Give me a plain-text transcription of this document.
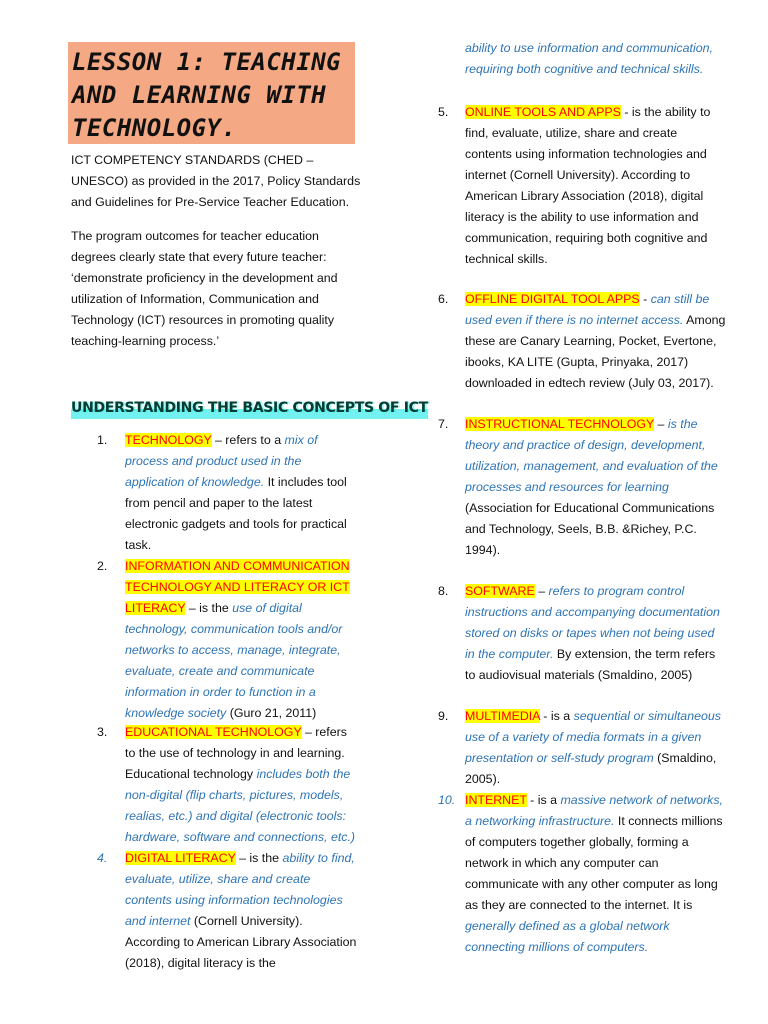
LESSON 1: TEACHING AND LEARNING WITH TECHNOLOGY.
ICT COMPETENCY STANDARDS (CHED – UNESCO) as provided in the 2017, Policy Standards and Guidelines for Pre-Service Teacher Education.
The program outcomes for teacher education degrees clearly state that every future teacher: ‘demonstrate proficiency in the development and utilization of Information, Communication and Technology (ICT) resources in promoting quality teaching-learning process.’
UNDERSTANDING THE BASIC CONCEPTS OF ICT
1.	TECHNOLOGY – refers to a mix of process and product used in the application of knowledge. It includes tool from pencil and paper to the latest electronic gadgets and tools for practical task.
2.	INFORMATION AND COMMUNICATION TECHNOLOGY AND LITERACY OR ICT LITERACY – is the use of digital technology, communication tools and/or networks to access, manage, integrate, evaluate, create and communicate information in order to function in a knowledge society (Guro 21, 2011)
3.	EDUCATIONAL TECHNOLOGY – refers to the use of technology in and learning. Educational technology includes both the non-digital (flip charts, pictures, models, realias, etc.) and digital (electronic tools: hardware, software and connections, etc.)
4.	DIGITAL LITERACY – is the ability to find, evaluate, utilize, share and create contents using information technologies and internet (Cornell University). According to American Library Association (2018), digital literacy is the
ability to use information and communication, requiring both cognitive and technical skills.
5.	ONLINE TOOLS AND APPS - is the ability to find, evaluate, utilize, share and create contents using information technologies and internet (Cornell University). According to American Library Association (2018), digital literacy is the ability to use information and communication, requiring both cognitive and technical skills.
6.	OFFLINE DIGITAL TOOL APPS - can still be used even if there is no internet access. Among these are Canary Learning, Pocket, Evertone, ibooks, KA LITE (Gupta, Prinyaka, 2017) downloaded in edtech review (July 03, 2017).
7.	INSTRUCTIONAL TECHNOLOGY – is the theory and practice of design, development, utilization, management, and evaluation of the processes and resources for learning (Association for Educational Communications and Technology, Seels, B.B. &Richey, P.C. 1994).
8.	SOFTWARE – refers to program control instructions and accompanying documentation stored on disks or tapes when not being used in the computer. By extension, the term refers to audiovisual materials (Smaldino, 2005)
9.	MULTIMEDIA - is a sequential or simultaneous use of a variety of media formats in a given presentation or self-study program (Smaldino, 2005).
10. INTERNET - is a massive network of networks, a networking infrastructure. It connects millions of computers together globally, forming a network in which any computer can communicate with any other computer as long as they are connected to the internet. It is generally defined as a global network connecting millions of computers.
